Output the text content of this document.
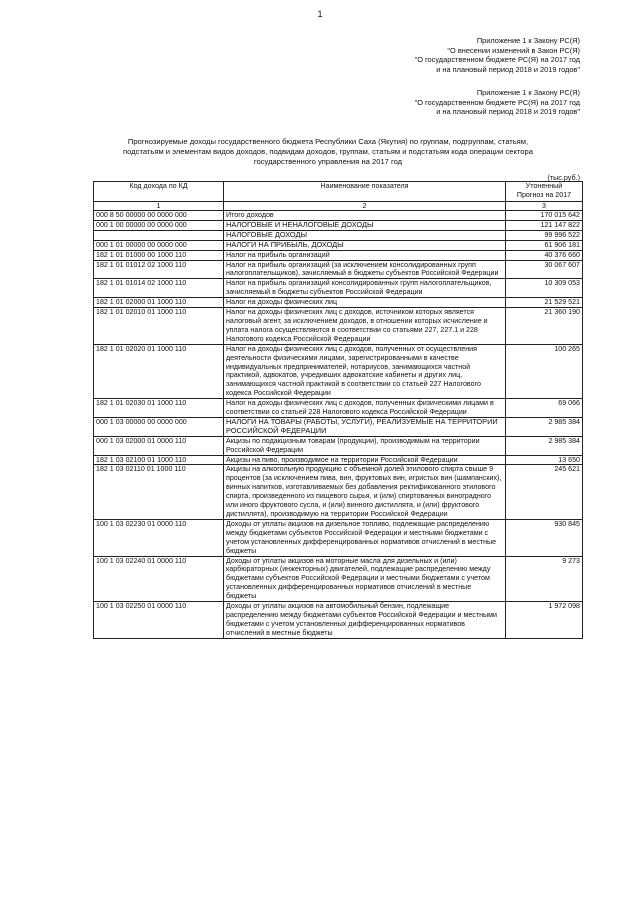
1
Приложение 1 к Закону РС(Я)
"О внесении изменений в Закон РС(Я)
"О государственном бюджете РС(Я) на 2017 год
и на плановый период 2018 и 2019 годов"
Приложение 1 к Закону РС(Я)
"О государственном бюджете РС(Я) на 2017 год
и на плановый период 2018 и 2019 годов"
Прогнозируемые доходы государственного бюджета Республики Саха (Якутия) по группам, подгруппам, статьям,
подстатьям и элементам видов доходов, подвидам доходов, группам, статьям и подстатьям кода операции сектора
государственного управления на 2017 год
(тыс.руб.)
Код дохода по КД	Наименование показателя	Утоненный
Прогноз на 2017

1	2	3
000 8 50 00000 00 0000 000	Итого доходов	170 015 642
000 1 00 00000 00 0000 000	НАЛОГОВЫЕ И НЕНАЛОГОВЫЕ ДОХОДЫ	121 147 822
	НАЛОГОВЫЕ ДОХОДЫ	99 996 522
000 1 01 00000 00 0000 000	НАЛОГИ НА ПРИБЫЛЬ, ДОХОДЫ	61 906 181
182 1 01 01000 00 1000 110	Налог на прибыль организаций	40 376 660
182 1 01 01012 02 1000 110	Налог на прибыль организаций (за исключением консолидированных групп налогоплательщиков), зачисляемый в бюджеты субъектов Российской Федерации	30 067 607
182 1 01 01014 02 1000 110	Налог на прибыль организаций консолидированных групп налогоплательщиков, зачисляемый в бюджеты субъектов Российской Федерации	10 309 053
182 1 01 02000 01 1000 110	Налог на доходы физических лиц	21 529 521
182 1 01 02010 01 1000 110	Налог на доходы физических лиц с доходов, источником которых является налоговый агент, за исключением доходов, в отношении которых исчисление и уплата налога осуществляются в соответствии со статьями 227, 227.1 и 228 Налогового кодекса Российской Федерации	21 360 190
182 1 01 02020 01 1000 110	Налог на доходы физических лиц с доходов, полученных от осуществления деятельности физическими лицами, зарегистрированными в качестве индивидуальных предпринимателей, нотариусов, занимающихся частной практикой, адвокатов, учредивших адвокатские кабинеты и других лиц, занимающихся частной практикой в соответствии со статьей 227 Налогового кодекса Российской Федерации	100 265
182 1 01 02030 01 1000 110	Налог на доходы физических лиц с доходов, полученных физическими лицами в соответствии со статьей 228 Налогового кодекса Российской Федерации	69 066
000 1 03 00000 00 0000 000	НАЛОГИ НА ТОВАРЫ (РАБОТЫ, УСЛУГИ), РЕАЛИЗУЕМЫЕ НА ТЕРРИТОРИИ РОССИЙСКОЙ ФЕДЕРАЦИИ	2 985 384
000 1 03 02000 01 0000 110	Акцизы по подакцизным товарам (продукции), производимым на территории Российской Федерации	2 985 384
182 1 03 02100 01 1000 110	Акцизы на пиво, производимое на территории Российской Федерации	13 650
182 1 03 02110 01 1000 110	Акцизы на алкогольную продукцию с объемной долей этилового спирта свыше 9 процентов (за исключением пива, вин, фруктовых вин, игристых вин (шампанских), винных напитков, изготавливаемых без добавления ректификованного этилового спирта, произведенного из пищевого сырья, и (или) спиртованных виноградного или иного фруктового сусла, и (или) винного дистиллята, и (или) фруктового дистиллята), производимую на территории Российской Федерации	245 621
100 1 03 02230 01 0000 110	Доходы от уплаты акцизов на дизельное топливо, подлежащие распределению между бюджетами субъектов Российской Федерации и местными бюджетами с учетом установленных дифференцированных нормативов отчислений в местные бюджеты	930 845
100 1 03 02240 01 0000 110	Доходы от уплаты акцизов на моторные масла для дизельных и (или) карбюраторных (инжекторных) двигателей, подлежащие распределению между бюджетами субъектов Российской Федерации и местными бюджетами с учетом установленных дифференцированных нормативов отчислений в местные бюджеты	9 273
100 1 03 02250 01 0000 110	Доходы от уплаты акцизов на автомобильный бензин, подлежащие распределению между бюджетами субъектов Российской Федерации и местными бюджетами с учетом установленных дифференцированных нормативов отчислений в местные бюджеты	1 972 098
